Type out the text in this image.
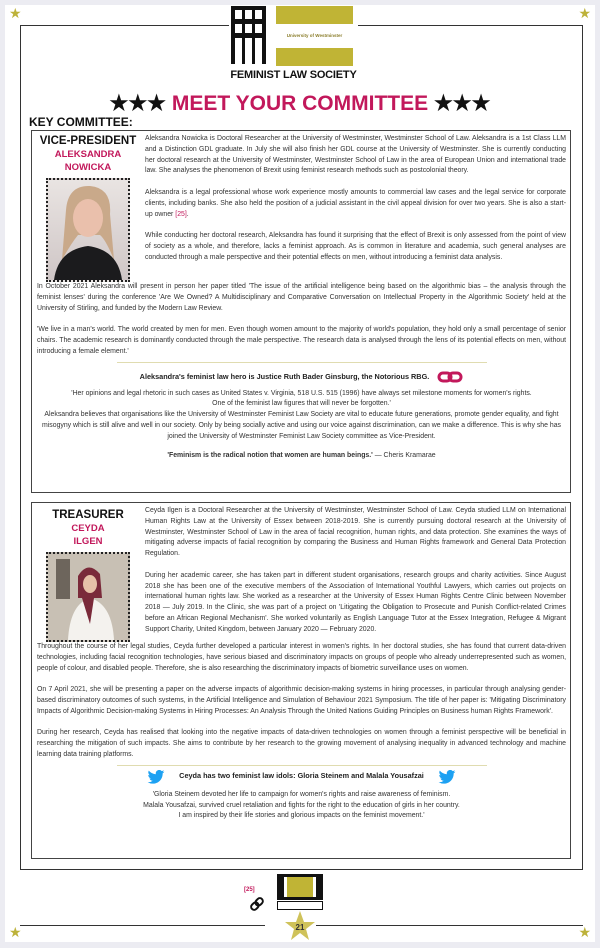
★	★
★	★
University of Westminster
FEMINIST LAW SOCIETY
★★★ MEET YOUR COMMITTEE ★★★
KEY COMMITTEE:
VICE-PRESIDENT
ALEKSANDRA
NOWICKA

Aleksandra Nowicka is Doctoral Researcher at the University of Westminster, Westminster School of Law. Aleksandra is a 1st Class LLM and a Distinction GDL graduate. In July she will also finish her GDL course at the University of Westminster. She is currently conducting her doctoral research at the University of Westminster, Westminster School of Law in the area of European Union and international trade law. She analyses the phenomenon of Brexit using feminist research methods such as postcolonial theory.

Aleksandra is a legal professional whose work experience mostly amounts to commercial law cases and the legal service for corporate clients, including banks. She also held the position of a judicial assistant in the civil appeal division for over two years. She is also a start-up owner [25].

While conducting her doctoral research, Aleksandra has found it surprising that the effect of Brexit is only assessed from the point of view of society as a whole, and therefore, lacks a feminist approach. As is common in literature and academia, such general analyses are conducted through a male perspective and their potential effects on men, without introducing a feminist data analysis.

In October 2021 Aleksandra will present in person her paper titled 'The issue of the artificial intelligence being based on the algorithmic bias – the analysis through the feminist lenses' during the conference 'Are We Owned? A Multidisciplinary and Comparative Conversation on Intellectual Property in the Algorithmic Society' held at the University of Stirling, and funded by the Modern Law Review.

'We live in a man's world. The world created by men for men. Even though women amount to the majority of world's population, they hold only a small percentage of senior chairs. The academic research is dominantly conducted through the male perspective. The research data is analysed through the lens of its potential effects on men, without introducing a female element.'

Aleksandra's feminist law hero is Justice Ruth Bader Ginsburg, the Notorious RBG.
'Her opinions and legal rhetoric in such cases as United States v. Virginia, 518 U.S. 515 (1996) have always set milestone moments for women's rights.
One of the feminist law figures that will never be forgotten.'

Aleksandra believes that organisations like the University of Westminster Feminist Law Society are vital to educate future generations, promote gender equality, and fight misogyny which is still alive and well in our society. Only by being socially active and using our voice against discrimination, can we make a difference. This is why she has joined the University of Westminster Feminist Law Society committee as Vice-President.

'Feminism is the radical notion that women are human beings.' — Cheris Kramarae
TREASURER
CEYDA
ILGEN

Ceyda Ilgen is a Doctoral Researcher at the University of Westminster, Westminster School of Law. Ceyda studied LLM on International Human Rights Law at the University of Essex between 2018-2019. She is currently pursuing doctoral research at the University of Westminster, Westminster School of Law in the area of facial recognition, human rights, and data protection. She examines the ways of mitigating adverse impacts of facial recognition by comparing the Business and Human Rights framework and General Data Protection Regulation.

During her academic career, she has taken part in different student organisations, research groups and charity activities. Since August 2018 she has been one of the executive members of the Association of International Youthful Lawyers, which carries out projects on international human rights law. She worked as a researcher at the University of Essex Human Rights Centre Clinic between November 2018 — July 2019. In the Clinic, she was part of a project on 'Litigating the Obligation to Prosecute and Punish Conflict-related Crimes before an African Regional Mechanism'. She worked voluntarily as English Language Tutor at the Essex Integration, Refugee & Migrant Support Charity, United Kingdom, between January 2020 — February 2020.

Throughout the course of her legal studies, Ceyda further developed a particular interest in women's rights. In her doctoral studies, she has found that current data-driven technologies, including facial recognition technologies, have serious biased and discriminatory impacts on groups of people who already underrepresented such as women, people of colour, and disabled people. Therefore, she is also researching the discriminatory impacts of biometric surveillance uses on women.

On 7 April 2021, she will be presenting a paper on the adverse impacts of algorithmic decision-making systems in hiring processes, in particular through analysing gender-based discriminatory outcomes of such systems, in the Artificial Intelligence and Simulation of Behaviour 2021 Symposium. The title of her paper is: 'Mitigating Discriminatory Impacts of Algorithmic Decision-making Systems in Hiring Processes: An Analysis Through the United Nations Guiding Principles on Business human Rights Framework'.

During her research, Ceyda has realised that looking into the negative impacts of data-driven technologies on women through a feminist perspective will be beneficial in researching the mitigation of such impacts. She aims to contribute by her research to the growing movement of analysing inequality in advanced technology and machine learning data training platforms.

Ceyda has two feminist law idols: Gloria Steinem and Malala Yousafzai
'Gloria Steinem devoted her life to campaign for women's rights and raise awareness of feminism.
Malala Yousafzai, survived cruel retaliation and fights for the right to the education of girls in her country.
I am inspired by their life stories and glorious impacts on the feminist movement.'
[25]
21
